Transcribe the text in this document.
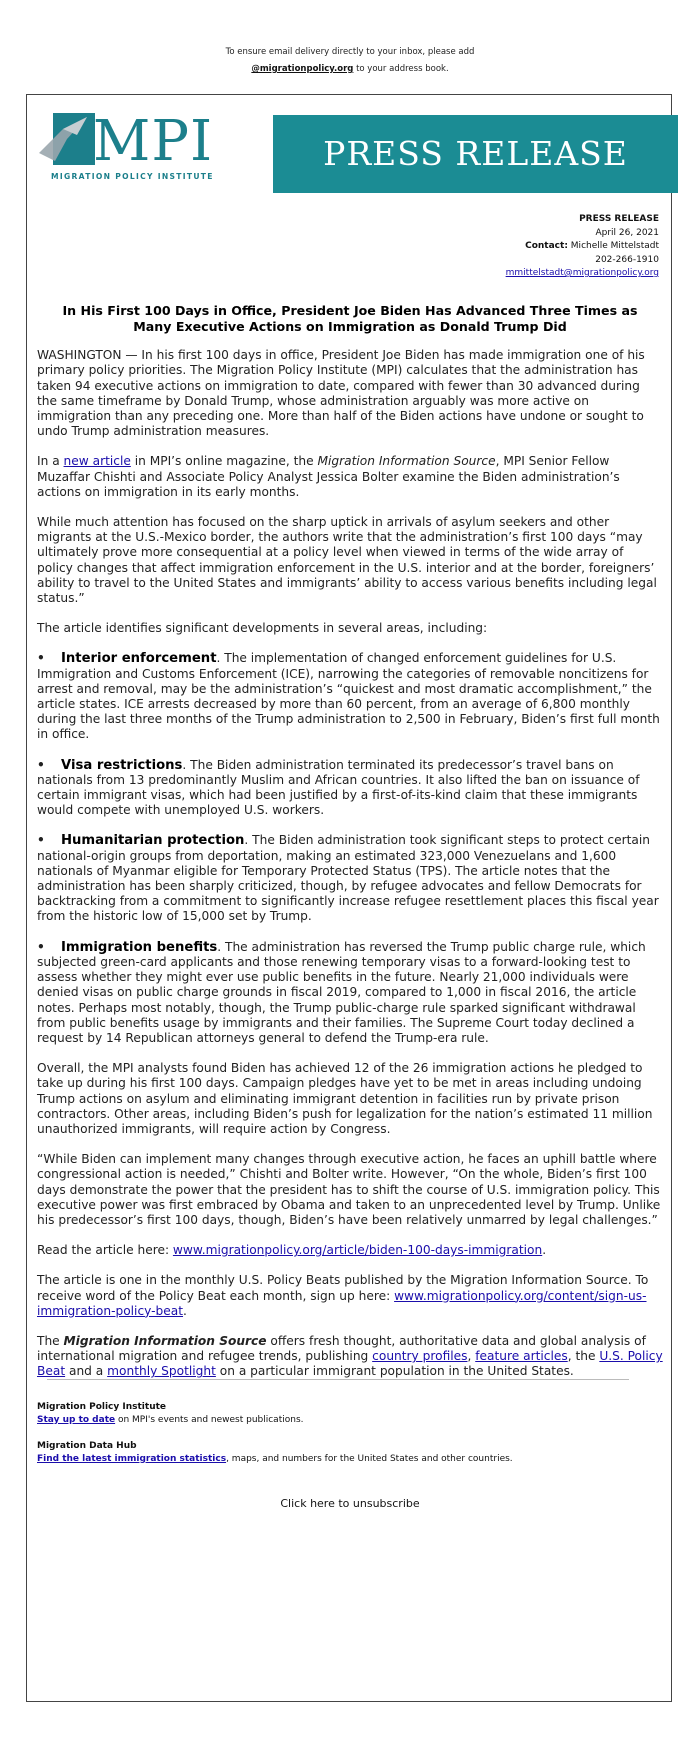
To ensure email delivery directly to your inbox, please add
@migrationpolicy.org to your address book.
MPI
MIGRATION POLICY INSTITUTE
PRESS RELEASE
PRESS RELEASE
April 26, 2021
Contact: Michelle Mittelstadt
202-266-1910
mmittelstadt@migrationpolicy.org
In His First 100 Days in Office, President Joe Biden Has Advanced Three Times as Many Executive Actions on Immigration as Donald Trump Did

WASHINGTON — In his first 100 days in office, President Joe Biden has made immigration one of his primary policy priorities. The Migration Policy Institute (MPI) calculates that the administration has taken 94 executive actions on immigration to date, compared with fewer than 30 advanced during the same timeframe by Donald Trump, whose administration arguably was more active on immigration than any preceding one. More than half of the Biden actions have undone or sought to undo Trump administration measures.

In a new article in MPI’s online magazine, the Migration Information Source, MPI Senior Fellow Muzaffar Chishti and Associate Policy Analyst Jessica Bolter examine the Biden administration’s actions on immigration in its early months.

While much attention has focused on the sharp uptick in arrivals of asylum seekers and other migrants at the U.S.-Mexico border, the authors write that the administration’s first 100 days “may ultimately prove more consequential at a policy level when viewed in terms of the wide array of policy changes that affect immigration enforcement in the U.S. interior and at the border, foreigners’ ability to travel to the United States and immigrants’ ability to access various benefits including legal status.”

The article identifies significant developments in several areas, including:

• Interior enforcement. The implementation of changed enforcement guidelines for U.S. Immigration and Customs Enforcement (ICE), narrowing the categories of removable noncitizens for arrest and removal, may be the administration’s “quickest and most dramatic accomplishment,” the article states. ICE arrests decreased by more than 60 percent, from an average of 6,800 monthly during the last three months of the Trump administration to 2,500 in February, Biden’s first full month in office.

• Visa restrictions. The Biden administration terminated its predecessor’s travel bans on nationals from 13 predominantly Muslim and African countries. It also lifted the ban on issuance of certain immigrant visas, which had been justified by a first-of-its-kind claim that these immigrants would compete with unemployed U.S. workers.

• Humanitarian protection. The Biden administration took significant steps to protect certain national-origin groups from deportation, making an estimated 323,000 Venezuelans and 1,600 nationals of Myanmar eligible for Temporary Protected Status (TPS). The article notes that the administration has been sharply criticized, though, by refugee advocates and fellow Democrats for backtracking from a commitment to significantly increase refugee resettlement places this fiscal year from the historic low of 15,000 set by Trump.

• Immigration benefits. The administration has reversed the Trump public charge rule, which subjected green-card applicants and those renewing temporary visas to a forward-looking test to assess whether they might ever use public benefits in the future. Nearly 21,000 individuals were denied visas on public charge grounds in fiscal 2019, compared to 1,000 in fiscal 2016, the article notes. Perhaps most notably, though, the Trump public-charge rule sparked significant withdrawal from public benefits usage by immigrants and their families. The Supreme Court today declined a request by 14 Republican attorneys general to defend the Trump-era rule.

Overall, the MPI analysts found Biden has achieved 12 of the 26 immigration actions he pledged to take up during his first 100 days. Campaign pledges have yet to be met in areas including undoing Trump actions on asylum and eliminating immigrant detention in facilities run by private prison contractors. Other areas, including Biden’s push for legalization for the nation’s estimated 11 million unauthorized immigrants, will require action by Congress.

“While Biden can implement many changes through executive action, he faces an uphill battle where congressional action is needed,” Chishti and Bolter write. However, “On the whole, Biden’s first 100 days demonstrate the power that the president has to shift the course of U.S. immigration policy. This executive power was first embraced by Obama and taken to an unprecedented level by Trump. Unlike his predecessor’s first 100 days, though, Biden’s have been relatively unmarred by legal challenges.”

Read the article here: www.migrationpolicy.org/article/biden-100-days-immigration.

The article is one in the monthly U.S. Policy Beats published by the Migration Information Source. To receive word of the Policy Beat each month, sign up here: www.migrationpolicy.org/content/sign-us-immigration-policy-beat.

The Migration Information Source offers fresh thought, authoritative data and global analysis of international migration and refugee trends, publishing country profiles, feature articles, the U.S. Policy Beat and a monthly Spotlight on a particular immigrant population in the United States.

Migration Policy Institute
Stay up to date on MPI's events and newest publications.
Migration Data Hub
Find the latest immigration statistics, maps, and numbers for the United States and other countries.
Click here to unsubscribe
